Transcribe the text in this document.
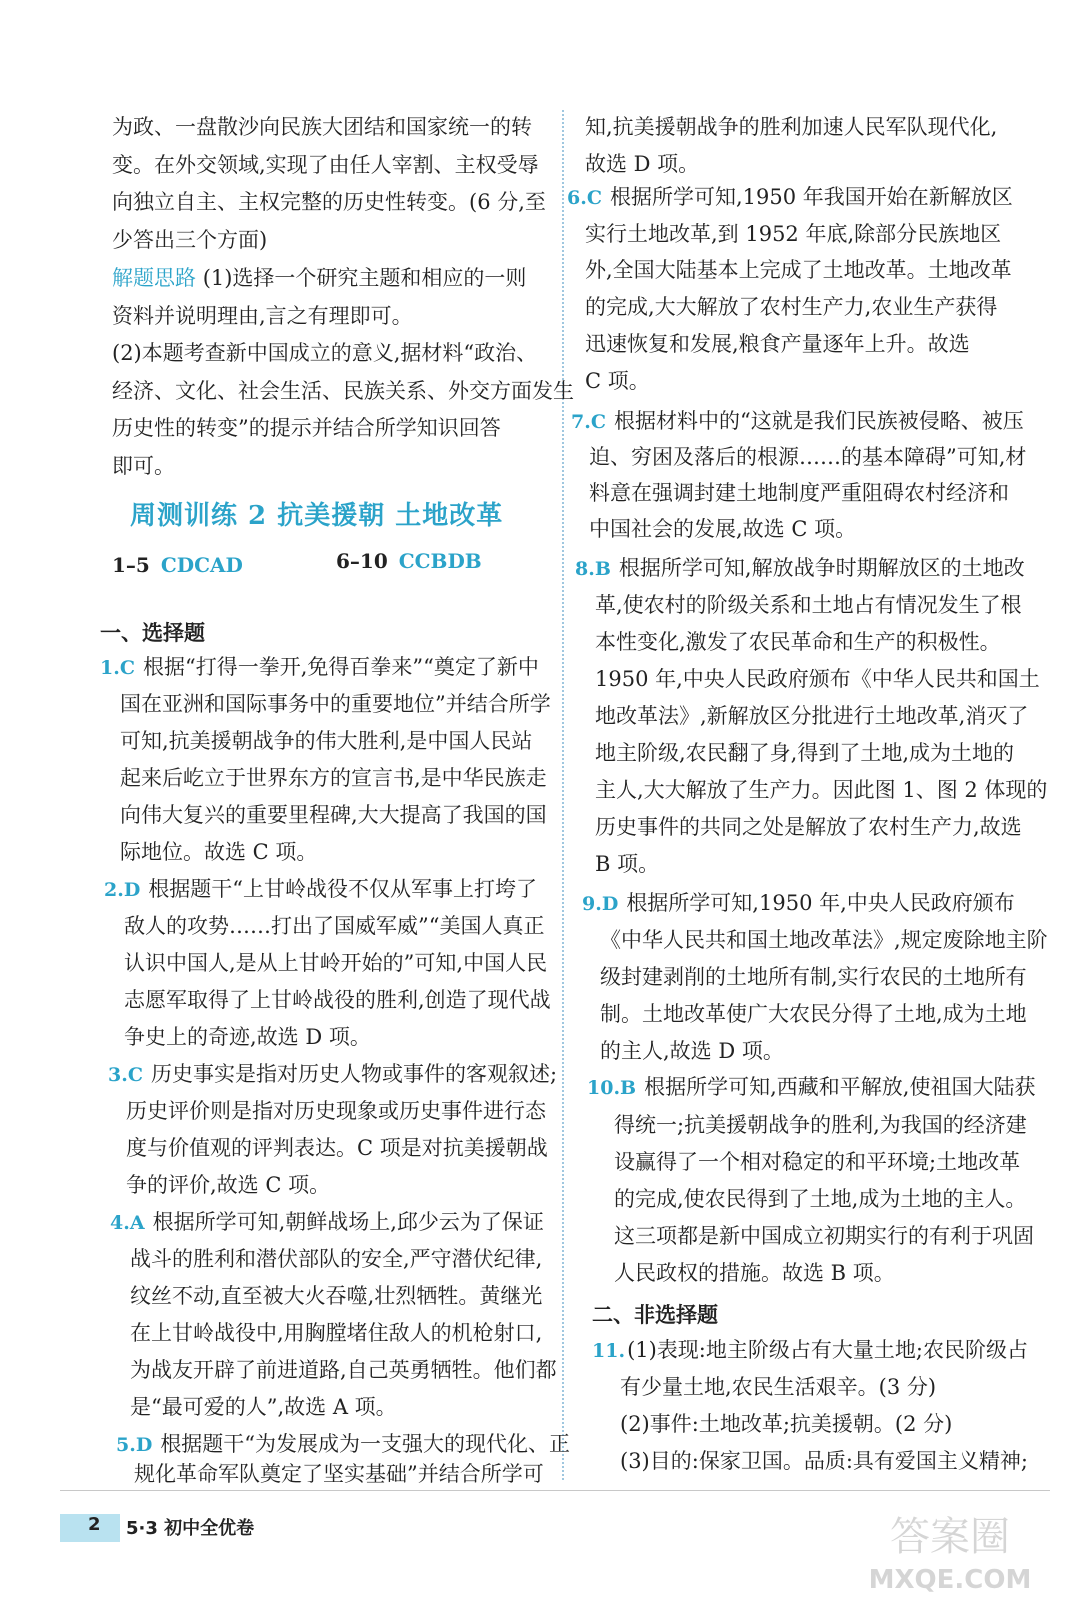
为政、一盘散沙向民族大团结和国家统一的转
变。在外交领域,实现了由任人宰割、主权受辱
向独立自主、主权完整的历史性转变。(6 分,至
少答出三个方面)
解题思路 (1)选择一个研究主题和相应的一则
资料并说明理由,言之有理即可。
(2)本题考查新中国成立的意义,据材料“政治、
经济、文化、社会生活、民族关系、外交方面发生
历史性的转变”的提示并结合所学知识回答
即可。
周测训练 2 抗美援朝 土地改革
1–5 CDCAD	6–10 CCBDB
一、选择题
1.C 根据“打得一拳开,免得百拳来”“奠定了新中
国在亚洲和国际事务中的重要地位”并结合所学
可知,抗美援朝战争的伟大胜利,是中国人民站
起来后屹立于世界东方的宣言书,是中华民族走
向伟大复兴的重要里程碑,大大提高了我国的国
际地位。故选 C 项。
2.D 根据题干“上甘岭战役不仅从军事上打垮了
敌人的攻势……打出了国威军威”“美国人真正
认识中国人,是从上甘岭开始的”可知,中国人民
志愿军取得了上甘岭战役的胜利,创造了现代战
争史上的奇迹,故选 D 项。
3.C 历史事实是指对历史人物或事件的客观叙述;
历史评价则是指对历史现象或历史事件进行态
度与价值观的评判表达。C 项是对抗美援朝战
争的评价,故选 C 项。
4.A 根据所学可知,朝鲜战场上,邱少云为了保证
战斗的胜利和潜伏部队的安全,严守潜伏纪律,
纹丝不动,直至被大火吞噬,壮烈牺牲。黄继光
在上甘岭战役中,用胸膛堵住敌人的机枪射口,
为战友开辟了前进道路,自己英勇牺牲。他们都
是“最可爱的人”,故选 A 项。
5.D 根据题干“为发展成为一支强大的现代化、正
规化革命军队奠定了坚实基础”并结合所学可
知,抗美援朝战争的胜利加速人民军队现代化,
故选 D 项。
6.C 根据所学可知,1950 年我国开始在新解放区
实行土地改革,到 1952 年底,除部分民族地区
外,全国大陆基本上完成了土地改革。土地改革
的完成,大大解放了农村生产力,农业生产获得
迅速恢复和发展,粮食产量逐年上升。故选
C 项。
7.C 根据材料中的“这就是我们民族被侵略、被压
迫、穷困及落后的根源……的基本障碍”可知,材
料意在强调封建土地制度严重阻碍农村经济和
中国社会的发展,故选 C 项。
8.B 根据所学可知,解放战争时期解放区的土地改
革,使农村的阶级关系和土地占有情况发生了根
本性变化,激发了农民革命和生产的积极性。
1950 年,中央人民政府颁布《中华人民共和国土
地改革法》,新解放区分批进行土地改革,消灭了
地主阶级,农民翻了身,得到了土地,成为土地的
主人,大大解放了生产力。因此图 1、图 2 体现的
历史事件的共同之处是解放了农村生产力,故选
B 项。
9.D 根据所学可知,1950 年,中央人民政府颁布
《中华人民共和国土地改革法》,规定废除地主阶
级封建剥削的土地所有制,实行农民的土地所有
制。土地改革使广大农民分得了土地,成为土地
的主人,故选 D 项。
10.B 根据所学可知,西藏和平解放,使祖国大陆获
得统一;抗美援朝战争的胜利,为我国的经济建
设赢得了一个相对稳定的和平环境;土地改革
的完成,使农民得到了土地,成为土地的主人。
这三项都是新中国成立初期实行的有利于巩固
人民政权的措施。故选 B 项。
二、非选择题
11.(1)表现:地主阶级占有大量土地;农民阶级占
有少量土地,农民生活艰辛。(3 分)
(2)事件:土地改革;抗美援朝。(2 分)
(3)目的:保家卫国。品质:具有爱国主义精神;
2 5·3 初中全优卷	答案圈
MXQE.COM
